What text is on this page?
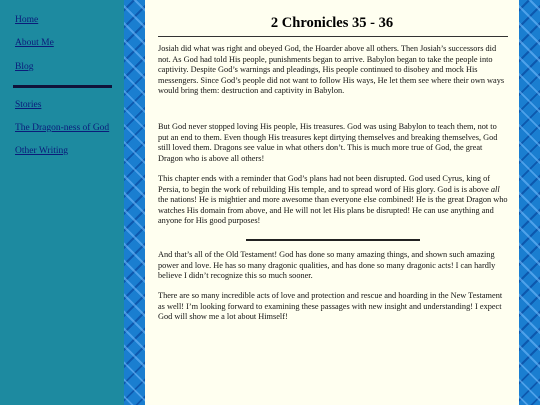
Home
About Me
Blog
Stories
The Dragon-ness of God
Other Writing
2 Chronicles 35 - 36

Josiah did what was right and obeyed God, the Hoarder above all others. Then Josiah’s successors did not. As God had told His people, punishments began to arrive. Babylon began to take the people into captivity. Despite God’s warnings and pleadings, His people continued to disobey and mock His messengers. Since God’s people did not want to follow His ways, He let them see where their own ways would bring them: destruction and captivity in Babylon.

But God never stopped loving His people, His treasures. God was using Babylon to teach them, not to put an end to them. Even though His treasures kept dirtying themselves and breaking themselves, God still loved them. Dragons see value in what others don’t. This is much more true of God, the great Dragon who is above all others!

This chapter ends with a reminder that God’s plans had not been disrupted. God used Cyrus, king of Persia, to begin the work of rebuilding His temple, and to spread word of His glory. God is is above all the nations! He is mightier and more awesome than everyone else combined! He is the great Dragon who watches His domain from above, and He will not let His plans be disrupted! He can use anything and anyone for His good purposes!

And that’s all of the Old Testament! God has done so many amazing things, and shown such amazing power and love. He has so many dragonic qualities, and has done so many dragonic acts! I can hardly believe I didn’t recognize this so much sooner.

There are so many incredible acts of love and protection and rescue and hoarding in the New Testament as well! I’m looking forward to examining these passages with new insight and understanding! I expect God will show me a lot about Himself!
